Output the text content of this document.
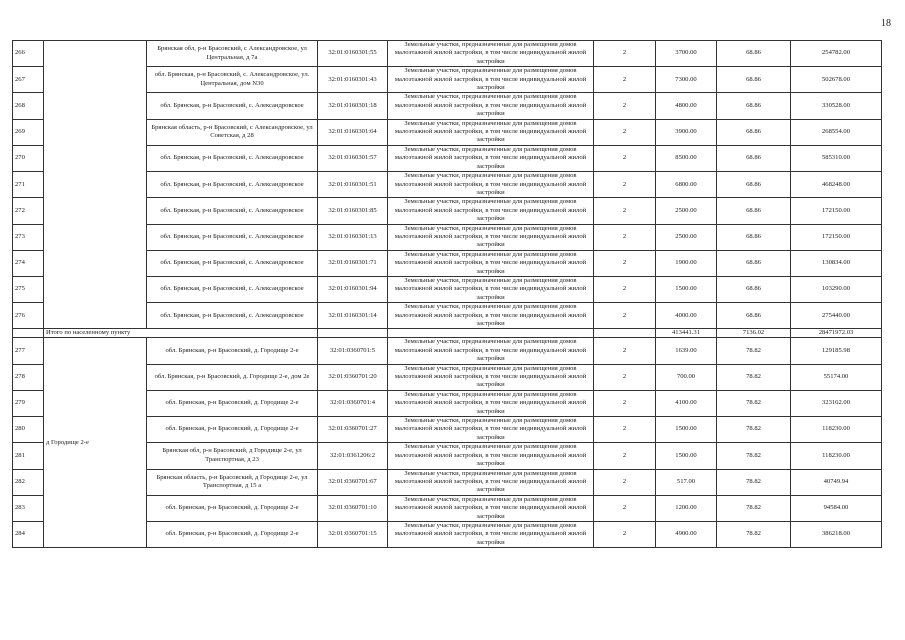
18
266		Брянская обл, р-н Брасовский, с Александровское, ул Центральная, д 7а	32:01:0160301:55	Земельные участки, предназначенные для размещения домов малоэтажной жилой застройки, в том числе индивидуальной жилой застройки	2	3700.00	68.86	254782.00
267		обл. Брянская, р-н Брасовский, с. Александровское, ул. Центральная, дом N30	32:01:0160301:43	Земельные участки, предназначенные для размещения домов малоэтажной жилой застройки, в том числе индивидуальной жилой застройки	2	7300.00	68.86	502678.00
268		обл. Брянская, р-н Брасовский, с. Александровское	32:01:0160301:18	Земельные участки, предназначенные для размещения домов малоэтажной жилой застройки, в том числе индивидуальной жилой застройки	2	4800.00	68.86	330528.00
269		Брянская область, р-н Брасовский, с Александровское, ул Советская, д 28	32:01:0160301:64	Земельные участки, предназначенные для размещения домов малоэтажной жилой застройки, в том числе индивидуальной жилой застройки	2	3900.00	68.86	268554.00
270		обл. Брянская, р-н Брасовский, с. Александровское	32:01:0160301:57	Земельные участки, предназначенные для размещения домов малоэтажной жилой застройки, в том числе индивидуальной жилой застройки	2	8500.00	68.86	585310.00
271		обл. Брянская, р-н Брасовский, с. Александровское	32:01:0160301:51	Земельные участки, предназначенные для размещения домов малоэтажной жилой застройки, в том числе индивидуальной жилой застройки	2	6800.00	68.86	468248.00
272		обл. Брянская, р-н Брасовский, с. Александровское	32:01:0160301:85	Земельные участки, предназначенные для размещения домов малоэтажной жилой застройки, в том числе индивидуальной жилой застройки	2	2500.00	68.86	172150.00
273		обл. Брянская, р-н Брасовский, с. Александровское	32:01:0160301:13	Земельные участки, предназначенные для размещения домов малоэтажной жилой застройки, в том числе индивидуальной жилой застройки	2	2500.00	68.86	172150.00
274		обл. Брянская, р-н Брасовский, с. Александровское	32:01:0160301:71	Земельные участки, предназначенные для размещения домов малоэтажной жилой застройки, в том числе индивидуальной жилой застройки	2	1900.00	68.86	130834.00
275		обл. Брянская, р-н Брасовский, с. Александровское	32:01:0160301:94	Земельные участки, предназначенные для размещения домов малоэтажной жилой застройки, в том числе индивидуальной жилой застройки	2	1500.00	68.86	103290.00
276		обл. Брянская, р-н Брасовский, с. Александровское	32:01:0160301:14	Земельные участки, предназначенные для размещения домов малоэтажной жилой застройки, в том числе индивидуальной жилой застройки	2	4000.00	68.86	275440.00
	Итого по населенному пункту					413441.31	7136.02	28471972.03
277	д Городище 2-е	обл. Брянская, р-н Брасовский, д. Городище 2-е	32:01:0360701:5	Земельные участки, предназначенные для размещения домов малоэтажной жилой застройки, в том числе индивидуальной жилой застройки	2	1639.00	78.82	129185.98
278		обл. Брянская, р-н Брасовский, д. Городище 2-е, дом 2е	32:01:0360701:20	Земельные участки, предназначенные для размещения домов малоэтажной жилой застройки, в том числе индивидуальной жилой застройки	2	700.00	78.82	55174.00
279		обл. Брянская, р-н Брасовский, д. Городище 2-е	32:01:0360701:4	Земельные участки, предназначенные для размещения домов малоэтажной жилой застройки, в том числе индивидуальной жилой застройки	2	4100.00	78.82	323162.00
280		обл. Брянская, р-н Брасовский, д. Городище 2-е	32:01:0360701:27	Земельные участки, предназначенные для размещения домов малоэтажной жилой застройки, в том числе индивидуальной жилой застройки	2	1500.00	78.82	118230.00
281		Брянская обл, р-н Брасовский, д Городище 2-е, ул Транспортная, д 23	32:01:0361206:2	Земельные участки, предназначенные для размещения домов малоэтажной жилой застройки, в том числе индивидуальной жилой застройки	2	1500.00	78.82	118230.00
282		Брянская область, р-н Брасовский, д Городище 2-е, ул Транспортная, д 15 а	32:01:0360701:67	Земельные участки, предназначенные для размещения домов малоэтажной жилой застройки, в том числе индивидуальной жилой застройки	2	517.00	78.82	40749.94
283		обл. Брянская, р-н Брасовский, д. Городище 2-е	32:01:0360701:10	Земельные участки, предназначенные для размещения домов малоэтажной жилой застройки, в том числе индивидуальной жилой застройки	2	1200.00	78.82	94584.00
284		обл. Брянская, р-н Брасовский, д. Городище 2-е	32:01:0360701:15	Земельные участки, предназначенные для размещения домов малоэтажной жилой застройки, в том числе индивидуальной жилой застройки	2	4900.00	78.82	386218.00
